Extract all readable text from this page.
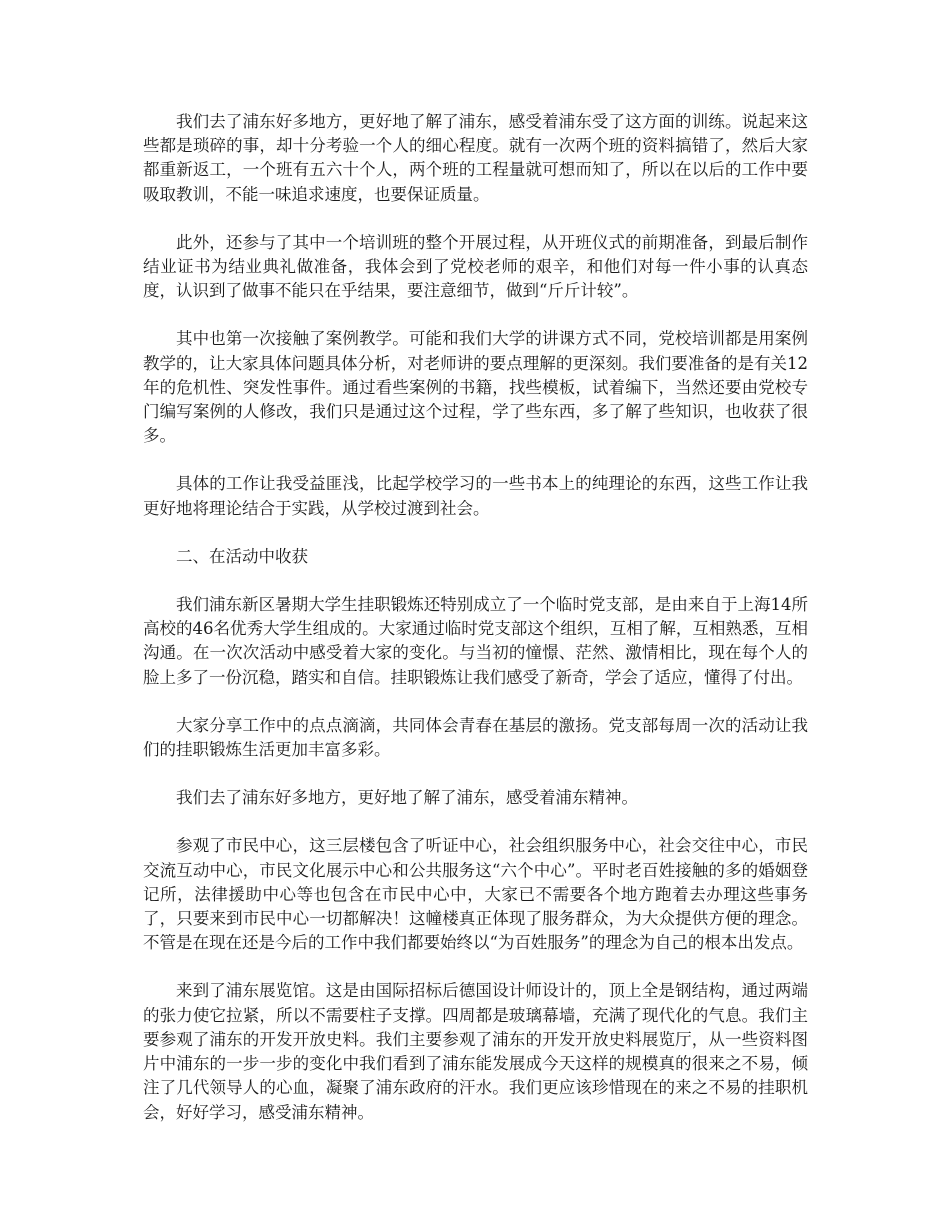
我们去了浦东好多地方，更好地了解了浦东，感受着浦东受了这方面的训练。说起来这些都是琐碎的事，却十分考验一个人的细心程度。就有一次两个班的资料搞错了，然后大家都重新返工，一个班有五六十个人，两个班的工程量就可想而知了，所以在以后的工作中要吸取教训，不能一味追求速度，也要保证质量。

此外，还参与了其中一个培训班的整个开展过程，从开班仪式的前期准备，到最后制作结业证书为结业典礼做准备，我体会到了党校老师的艰辛，和他们对每一件小事的认真态度，认识到了做事不能只在乎结果，要注意细节，做到“斤斤计较”。

其中也第一次接触了案例教学。可能和我们大学的讲课方式不同，党校培训都是用案例教学的，让大家具体问题具体分析，对老师讲的要点理解的更深刻。我们要准备的是有关12年的危机性、突发性事件。通过看些案例的书籍，找些模板，试着编下，当然还要由党校专门编写案例的人修改，我们只是通过这个过程，学了些东西，多了解了些知识，也收获了很多。

具体的工作让我受益匪浅，比起学校学习的一些书本上的纯理论的东西，这些工作让我更好地将理论结合于实践，从学校过渡到社会。

二、在活动中收获

我们浦东新区暑期大学生挂职锻炼还特别成立了一个临时党支部，是由来自于上海14所高校的46名优秀大学生组成的。大家通过临时党支部这个组织，互相了解，互相熟悉，互相沟通。在一次次活动中感受着大家的变化。与当初的憧憬、茫然、激情相比，现在每个人的脸上多了一份沉稳，踏实和自信。挂职锻炼让我们感受了新奇，学会了适应，懂得了付出。

大家分享工作中的点点滴滴，共同体会青春在基层的激扬。党支部每周一次的活动让我们的挂职锻炼生活更加丰富多彩。

我们去了浦东好多地方，更好地了解了浦东，感受着浦东精神。

参观了市民中心，这三层楼包含了听证中心，社会组织服务中心，社会交往中心，市民交流互动中心，市民文化展示中心和公共服务这“六个中心”。平时老百姓接触的多的婚姻登记所，法律援助中心等也包含在市民中心中，大家已不需要各个地方跑着去办理这些事务了，只要来到市民中心一切都解决！这幢楼真正体现了服务群众，为大众提供方便的理念。不管是在现在还是今后的工作中我们都要始终以“为百姓服务”的理念为自己的根本出发点。

来到了浦东展览馆。这是由国际招标后德国设计师设计的，顶上全是钢结构，通过两端的张力使它拉紧，所以不需要柱子支撑。四周都是玻璃幕墙，充满了现代化的气息。我们主要参观了浦东的开发开放史料。我们主要参观了浦东的开发开放史料展览厅，从一些资料图片中浦东的一步一步的变化中我们看到了浦东能发展成今天这样的规模真的很来之不易，倾注了几代领导人的心血，凝聚了浦东政府的汗水。我们更应该珍惜现在的来之不易的挂职机会，好好学习，感受浦东精神。
